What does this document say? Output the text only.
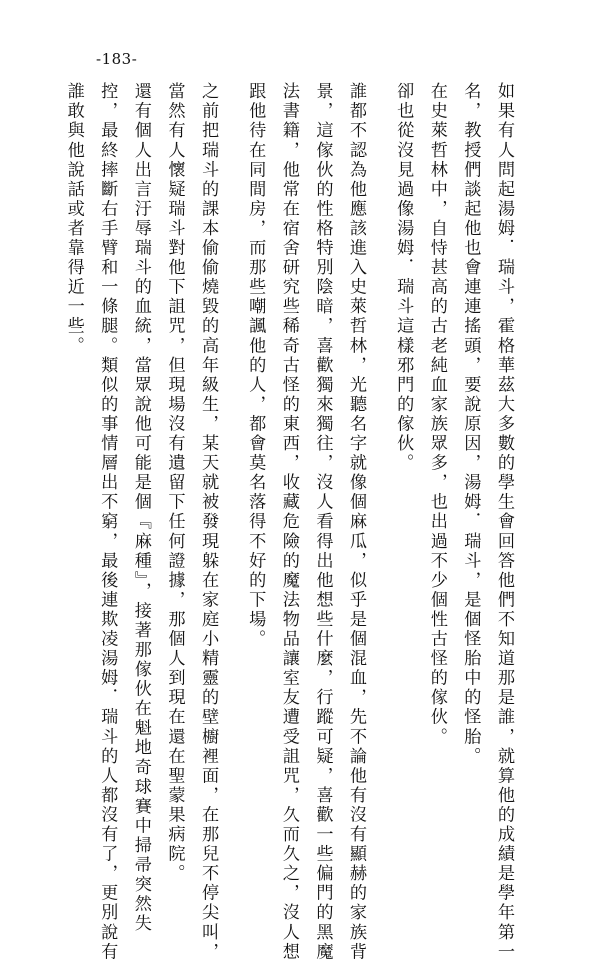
-183-
如果有人問起湯姆．瑞斗，霍格華茲大多數的學生會回答他們不知道那是誰，就算他的成績是學年第一
名，教授們談起他也會連連搖頭，要說原因，湯姆．瑞斗，是個怪胎中的怪胎。
在史萊哲林中，自恃甚高的古老純血家族眾多，也出過不少個性古怪的傢伙。
卻也從沒見過像湯姆．瑞斗這樣邪門的傢伙。
誰都不認為他應該進入史萊哲林，光聽名字就像個麻瓜，似乎是個混血，先不論他有沒有顯赫的家族背
景，這傢伙的性格特別陰暗，喜歡獨來獨往，沒人看得出他想些什麼，行蹤可疑，喜歡一些偏門的黑魔
法書籍，他常在宿舍研究些稀奇古怪的東西，收藏危險的魔法物品讓室友遭受詛咒，久而久之，沒人想
跟他待在同間房，而那些嘲諷他的人，都會莫名落得不好的下場。
之前把瑞斗的課本偷偷燒毀的高年級生，某天就被發現躲在家庭小精靈的壁櫥裡面，在那兒不停尖叫，
當然有人懷疑瑞斗對他下詛咒，但現場沒有遺留下任何證據，那個人到現在還在聖蒙果病院。
還有個人出言汙辱瑞斗的血統，當眾說他可能是個『麻種』，接著那傢伙在魁地奇球賽中掃帚突然失
控，最終摔斷右手臂和一條腿。類似的事情層出不窮，最後連欺凌湯姆．瑞斗的人都沒有了，更別說有
誰敢與他說話或者靠得近一些。
